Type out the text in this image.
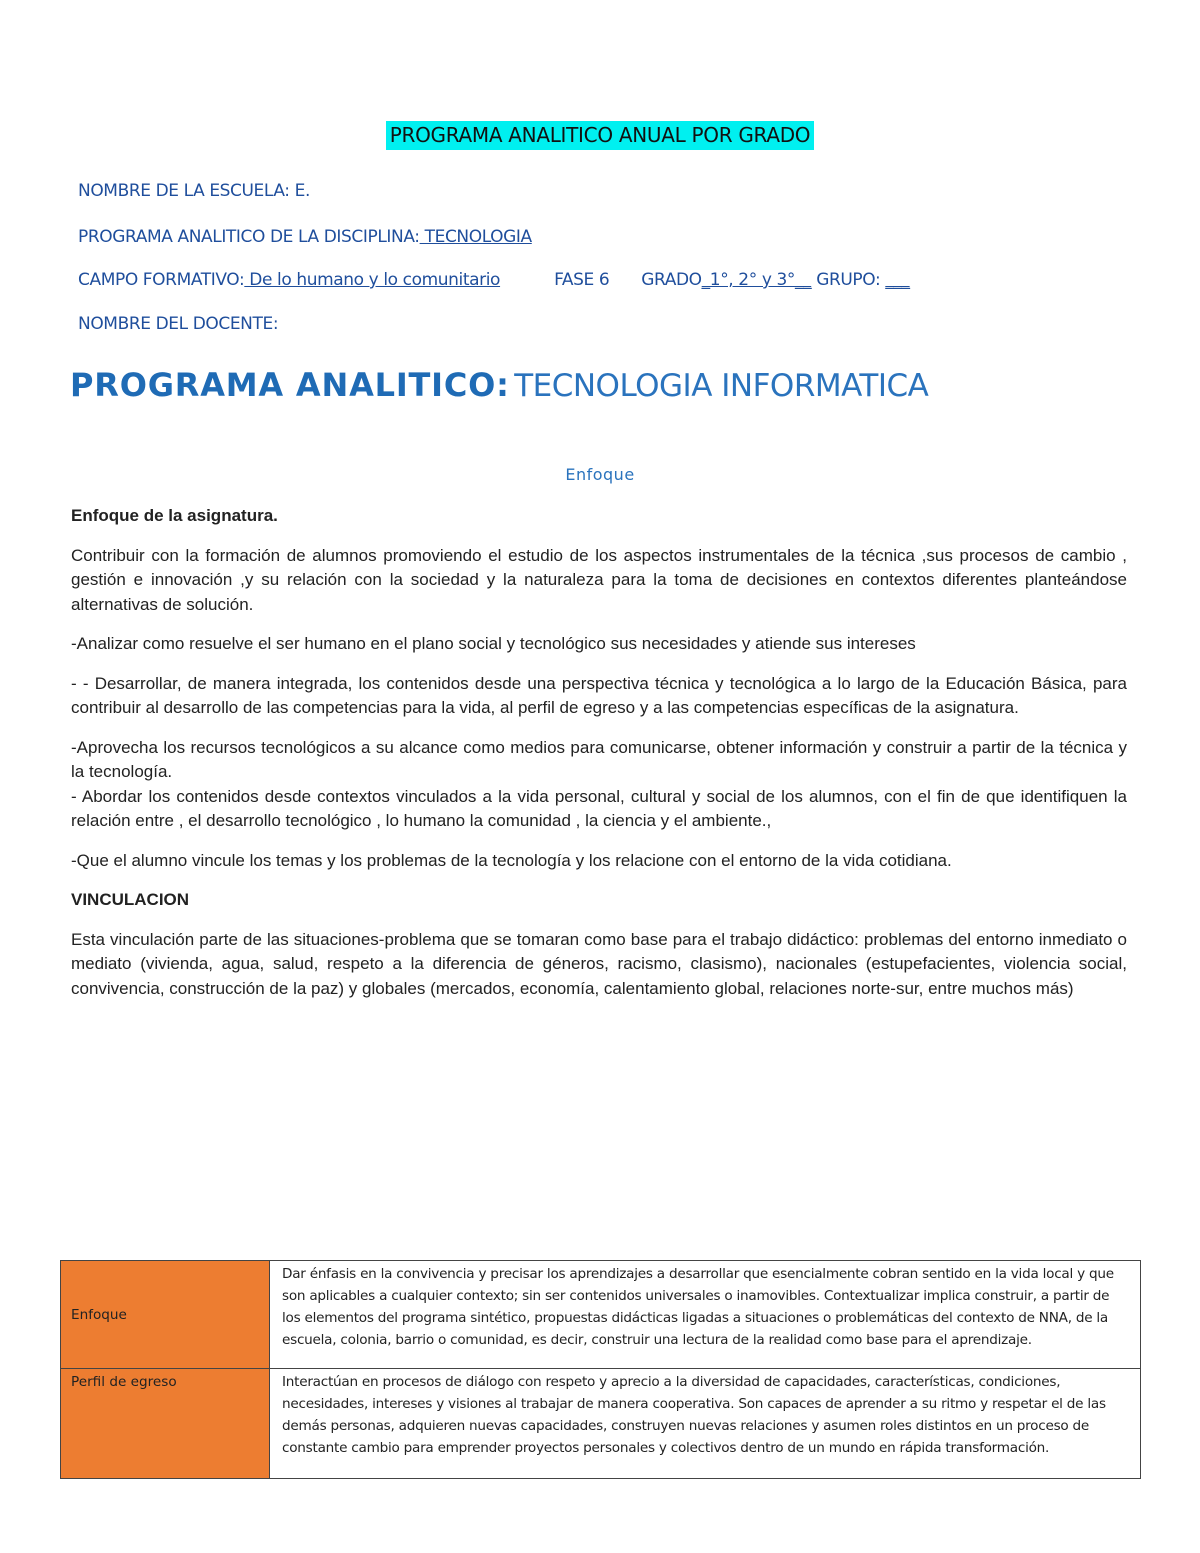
PROGRAMA ANALITICO ANUAL POR GRADO
NOMBRE DE LA ESCUELA: E.
PROGRAMA ANALITICO DE LA DISCIPLINA: TECNOLOGIA
CAMPO FORMATIVO: De lo humano y lo comunitario	FASE 6 GRADO_1°, 2° y 3°__ GRUPO: ___
NOMBRE DEL DOCENTE:
PROGRAMA ANALITICO: TECNOLOGIA INFORMATICA
Enfoque

Enfoque de la asignatura.

Contribuir con la formación de alumnos promoviendo el estudio de los aspectos instrumentales de la técnica ,sus procesos de cambio , gestión e innovación ,y su relación con la sociedad y la naturaleza para la toma de decisiones en contextos diferentes planteándose alternativas de solución.

-Analizar como resuelve el ser humano en el plano social y tecnológico sus necesidades y atiende sus intereses

- - Desarrollar, de manera integrada, los contenidos desde una perspectiva técnica y tecnológica a lo largo de la Educación Básica, para contribuir al desarrollo de las competencias para la vida, al perfil de egreso y a las competencias específicas de la asignatura.

-Aprovecha los recursos tecnológicos a su alcance como medios para comunicarse, obtener información y construir a partir de la técnica y la tecnología.

- Abordar los contenidos desde contextos vinculados a la vida personal, cultural y social de los alumnos, con el fin de que identifiquen la relación entre , el desarrollo tecnológico , lo humano la comunidad , la ciencia y el ambiente.,

-Que el alumno vincule los temas y los problemas de la tecnología y los relacione con el entorno de la vida cotidiana.

VINCULACION

Esta vinculación parte de las situaciones-problema que se tomaran como base para el trabajo didáctico: problemas del entorno inmediato o mediato (vivienda, agua, salud, respeto a la diferencia de géneros, racismo, clasismo), nacionales (estupefacientes, violencia social, convivencia, construcción de la paz) y globales (mercados, economía, calentamiento global, relaciones norte-sur, entre muchos más)

Enfoque	Dar énfasis en la convivencia y precisar los aprendizajes a desarrollar que esencialmente cobran sentido en la vida local y que son aplicables a cualquier contexto; sin ser contenidos universales o inamovibles. Contextualizar implica construir, a partir de los elementos del programa sintético, propuestas didácticas ligadas a situaciones o problemáticas del contexto de NNA, de la escuela, colonia, barrio o comunidad, es decir, construir una lectura de la realidad como base para el aprendizaje.
Perfil de egreso	Interactúan en procesos de diálogo con respeto y aprecio a la diversidad de capacidades, características, condiciones, necesidades, intereses y visiones al trabajar de manera cooperativa. Son capaces de aprender a su ritmo y respetar el de las demás personas, adquieren nuevas capacidades, construyen nuevas relaciones y asumen roles distintos en un proceso de constante cambio para emprender proyectos personales y colectivos dentro de un mundo en rápida transformación.
